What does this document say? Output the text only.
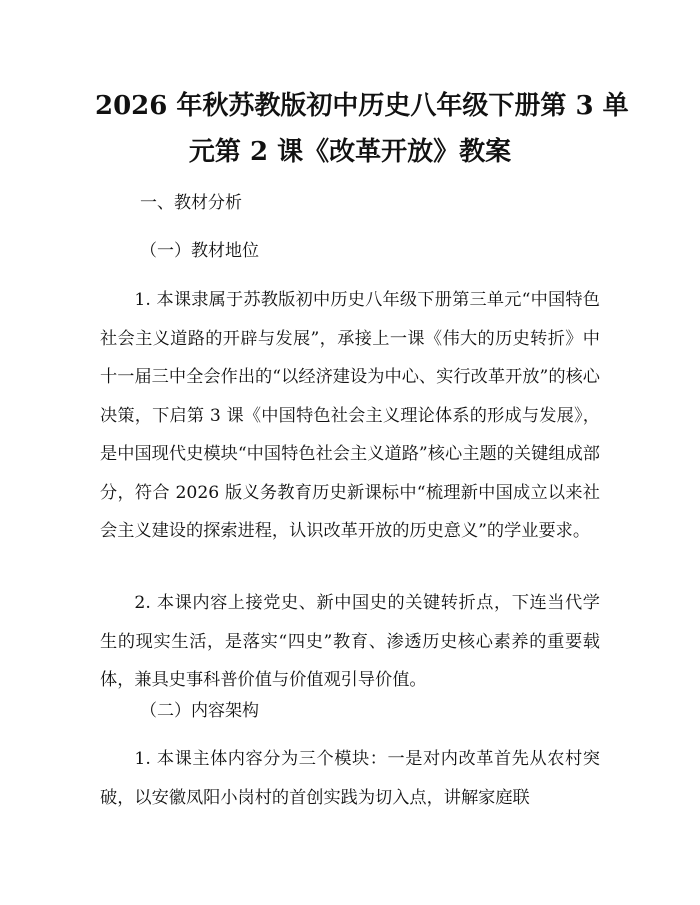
2026 年秋苏教版初中历史八年级下册第 3 单
元第 2 课《改革开放》教案
一、教材分析
（一）教材地位

1. 本课隶属于苏教版初中历史八年级下册第三单元“中国特色社会主义道路的开辟与发展”，承接上一课《伟大的历史转折》中十一届三中全会作出的“以经济建设为中心、实行改革开放”的核心决策，下启第 3 课《中国特色社会主义理论体系的形成与发展》，是中国现代史模块“中国特色社会主义道路”核心主题的关键组成部分，符合 2026 版义务教育历史新课标中“梳理新中国成立以来社会主义建设的探索进程，认识改革开放的历史意义”的学业要求。

2. 本课内容上接党史、新中国史的关键转折点，下连当代学生的现实生活，是落实“四史”教育、渗透历史核心素养的重要载体，兼具史事科普价值与价值观引导价值。

（二）内容架构

1. 本课主体内容分为三个模块：一是对内改革首先从农村突破，以安徽凤阳小岗村的首创实践为切入点，讲解家庭联
